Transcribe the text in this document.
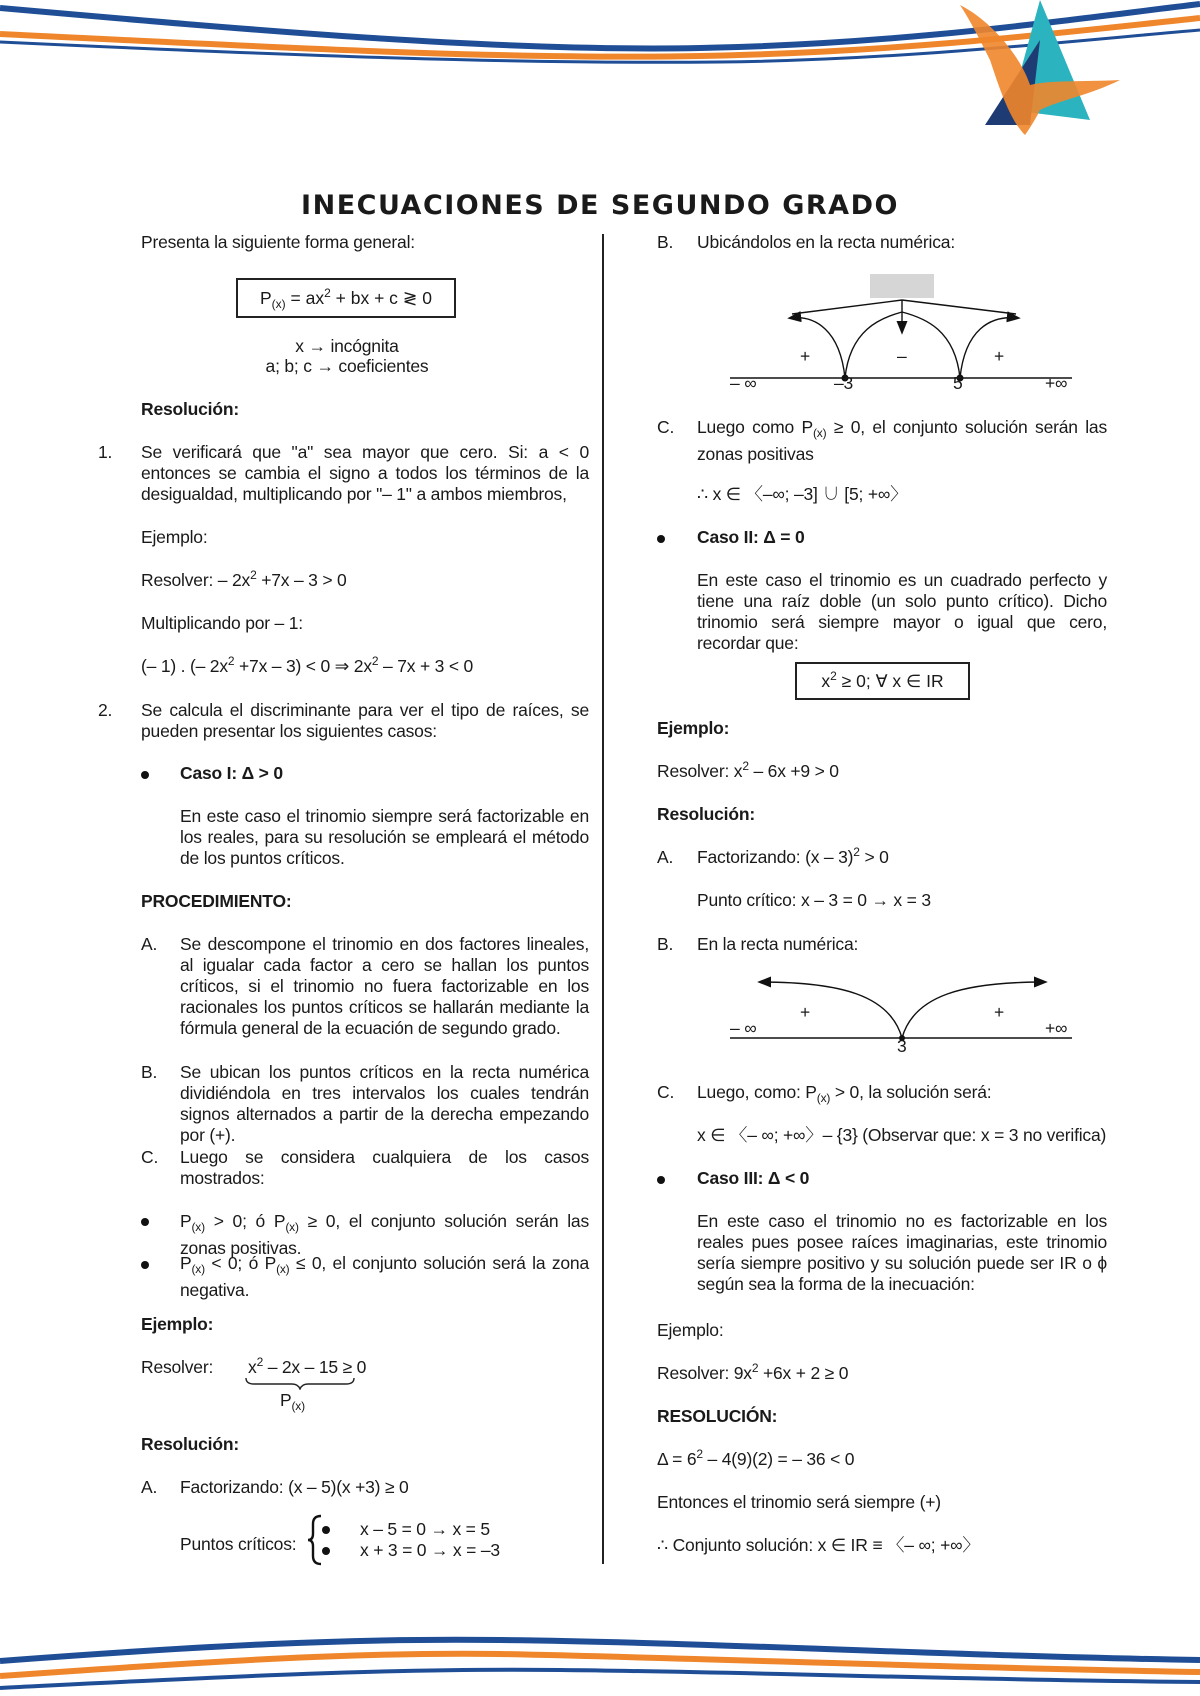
INECUACIONES DE SEGUNDO GRADO
Presenta la siguiente forma general:
$P_{(x)} = ax^2$ + bx + c ≷ 0
x → incógnita
a; b; c → coeficientes
Resolución:
1. Se verificará que "a" sea mayor que cero. Si: a < 0 entonces se cambia el signo a todos los términos de la desigualdad, multiplicando por "– 1" a ambos miembros,
Ejemplo:
Resolver: – $2x^2 +7x - 3 > 0$
Multiplicando por – 1:
(– 1) . (– $2x^2 +7x - 3) < 0$ ⇒ $2x^2 - 7x + 3 < 0$
2. Se calcula el discriminante para ver el tipo de raíces, se pueden presentar los siguientes casos:
Caso I: Δ > 0
En este caso el trinomio siempre será factorizable en los reales, para su resolución se empleará el método de los puntos críticos.
PROCEDIMIENTO:
A. Se descompone el trinomio en dos factores lineales, al igualar cada factor a cero se hallan los puntos críticos, si el trinomio no fuera factorizable en los racionales los puntos críticos se hallarán mediante la fórmula general de la ecuación de segundo grado.
B. Se ubican los puntos críticos en la recta numérica dividiéndola en tres intervalos los cuales tendrán signos alternados a partir de la derecha empezando por (+).
C. Luego se considera cualquiera de los casos mostrados:
$P_{(x)} > 0$; ó $P_{(x)} \ge 0$, el conjunto solución serán las zonas positivas.
$P_{(x)} < 0$; ó $P_{(x)} \le 0$, el conjunto solución será la zona negativa.
Ejemplo:
Resolver: $x^2 - 2x - 15 \ge 0$
$P_{(x)}$
Resolución:
A. Factorizando: (x – 5)(x +3) ≥ 0
Puntos críticos:
x – 5 = 0 → x = 5
x + 3 = 0 → x = –3
B. Ubicándolos en la recta numérica:
+	–	+
– ∞	–3	5	+∞
C. Luego como $P_{(x)} \ge 0$, el conjunto solución serán las zonas positivas
∴ x ∈ 〈–∞; –3] ∪ [5; +∞〉
Caso II: Δ = 0
En este caso el trinomio es un cuadrado perfecto y tiene una raíz doble (un solo punto crítico). Dicho trinomio será siempre mayor o igual que cero, recordar que:
$x^2 \ge 0$; ∀ x ∈ IR
Ejemplo:
Resolver: $x^2 - 6x +9 > 0$
Resolución:
A. Factorizando: (x – 3)$^2$ > 0
Punto crítico: x – 3 = 0 → x = 3
B. En la recta numérica:
+	+
– ∞
3
+∞
C. Luego, como: $P_{(x)} > 0$, la solución será:
x ∈ 〈– ∞; +∞〉– {3} (Observar que: x = 3 no verifica)
Caso III: Δ < 0
En este caso el trinomio no es factorizable en los reales pues posee raíces imaginarias, este trinomio sería siempre positivo y su solución puede ser IR o ϕ según sea la forma de la inecuación:
Ejemplo:
Resolver: $9x^2 +6x + 2 \ge 0$
RESOLUCIÓN:
$\Delta = 6^2 - 4(9)(2)$ = – 36 < 0
Entonces el trinomio será siempre (+)
∴ Conjunto solución: x ∈ IR ≡ 〈– ∞; +∞〉
